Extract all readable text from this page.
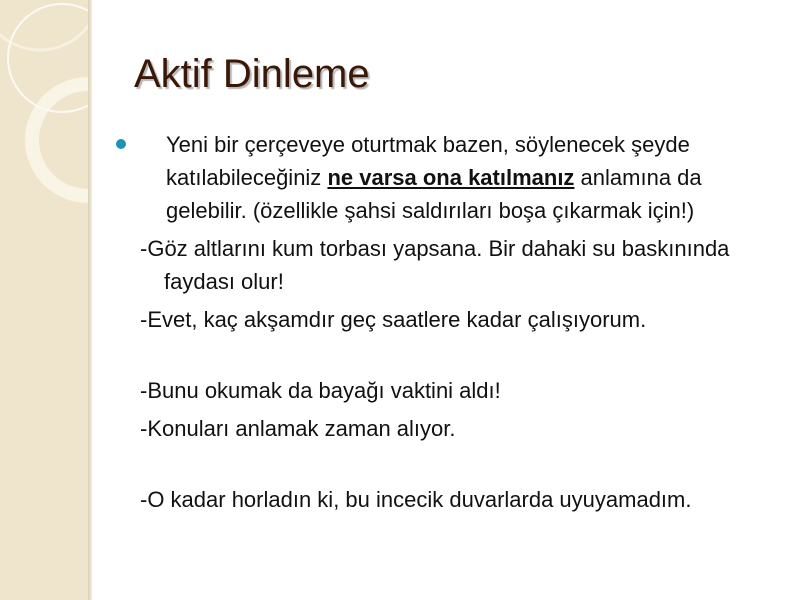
Aktif Dinleme

Yeni bir çerçeveye oturtmak bazen, söylenecek şeyde katılabileceğiniz ne varsa ona katılmanız anlamına da gelebilir. (özellikle şahsi saldırıları boşa çıkarmak için!)

-Göz altlarını kum torbası yapsana. Bir dahaki su baskınında faydası olur!

-Evet, kaç akşamdır geç saatlere kadar çalışıyorum.

-Bunu okumak da bayağı vaktini aldı!

-Konuları anlamak zaman alıyor.

-O kadar horladın ki, bu incecik duvarlarda uyuyamadım.
